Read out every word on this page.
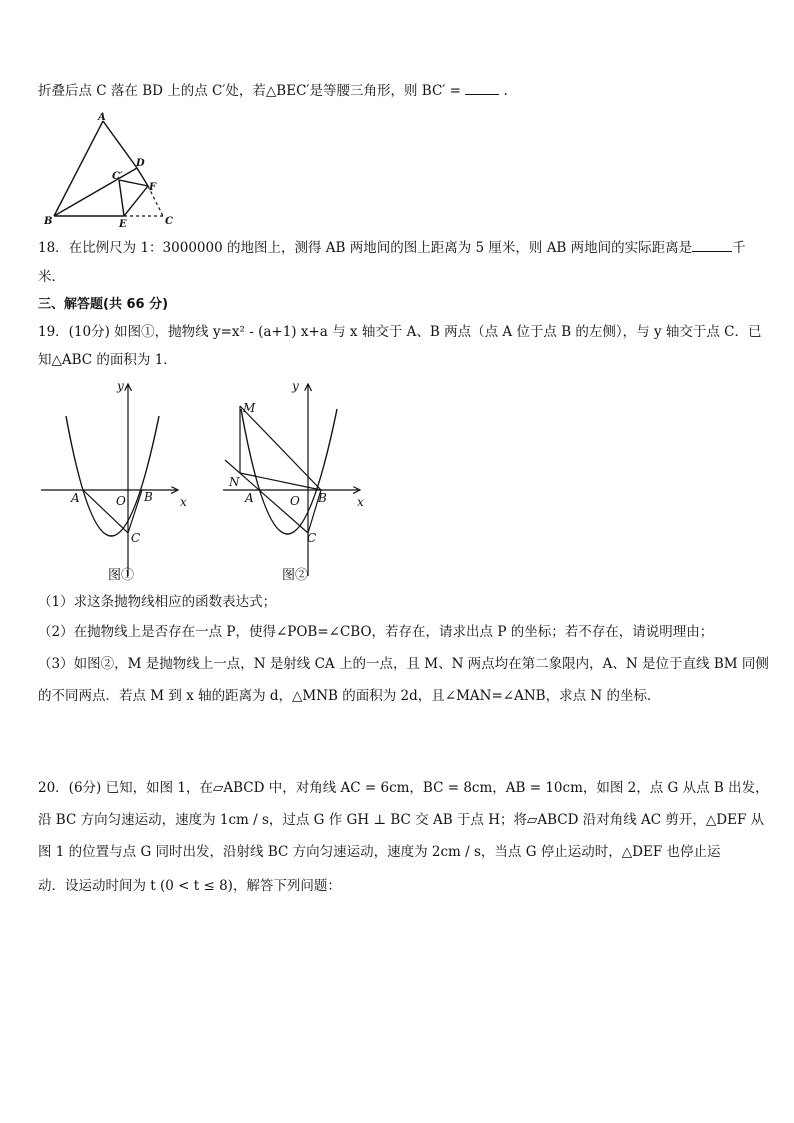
折叠后点 C 落在 BD 上的点 C′处，若△BEC′是等腰三角形，则 BC′ =	.
A
B	C
D
C′
F
E
18．在比例尺为 1：3000000 的地图上，测得 AB 两地间的图上距离为 5 厘米，则 AB 两地间的实际距离是	千
米．
三、解答题(共 66 分)
19．(10分) 如图①，抛物线 y=x² - (a+1) x+a 与 x 轴交于 A、B 两点（点 A 位于点 B 的左侧），与 y 轴交于点 C．已
知△ABC 的面积为 1．
y
x
A	O B
C
图①
y
x
M
N
A	O B
C
图②
（1）求这条抛物线相应的函数表达式；
（2）在抛物线上是否存在一点 P，使得∠POB=∠CBO，若存在，请求出点 P 的坐标；若不存在，请说明理由；
（3）如图②，M 是抛物线上一点，N 是射线 CA 上的一点，且 M、N 两点均在第二象限内，A、N 是位于直线 BM 同侧
的不同两点．若点 M 到 x 轴的距离为 d，△MNB 的面积为 2d，且∠MAN=∠ANB，求点 N 的坐标．
20．(6分) 已知，如图 1，在▱ABCD 中，对角线 AC = 6cm，BC = 8cm，AB = 10cm，如图 2，点 G 从点 B 出发，
沿 BC 方向匀速运动，速度为 1cm / s，过点 G 作 GH ⊥ BC 交 AB 于点 H；将▱ABCD 沿对角线 AC 剪开，△DEF 从
图 1 的位置与点 G 同时出发，沿射线 BC 方向匀速运动，速度为 2cm / s，当点 G 停止运动时，△DEF 也停止运
动．设运动时间为 t (0 < t ≤ 8)，解答下列问题：
